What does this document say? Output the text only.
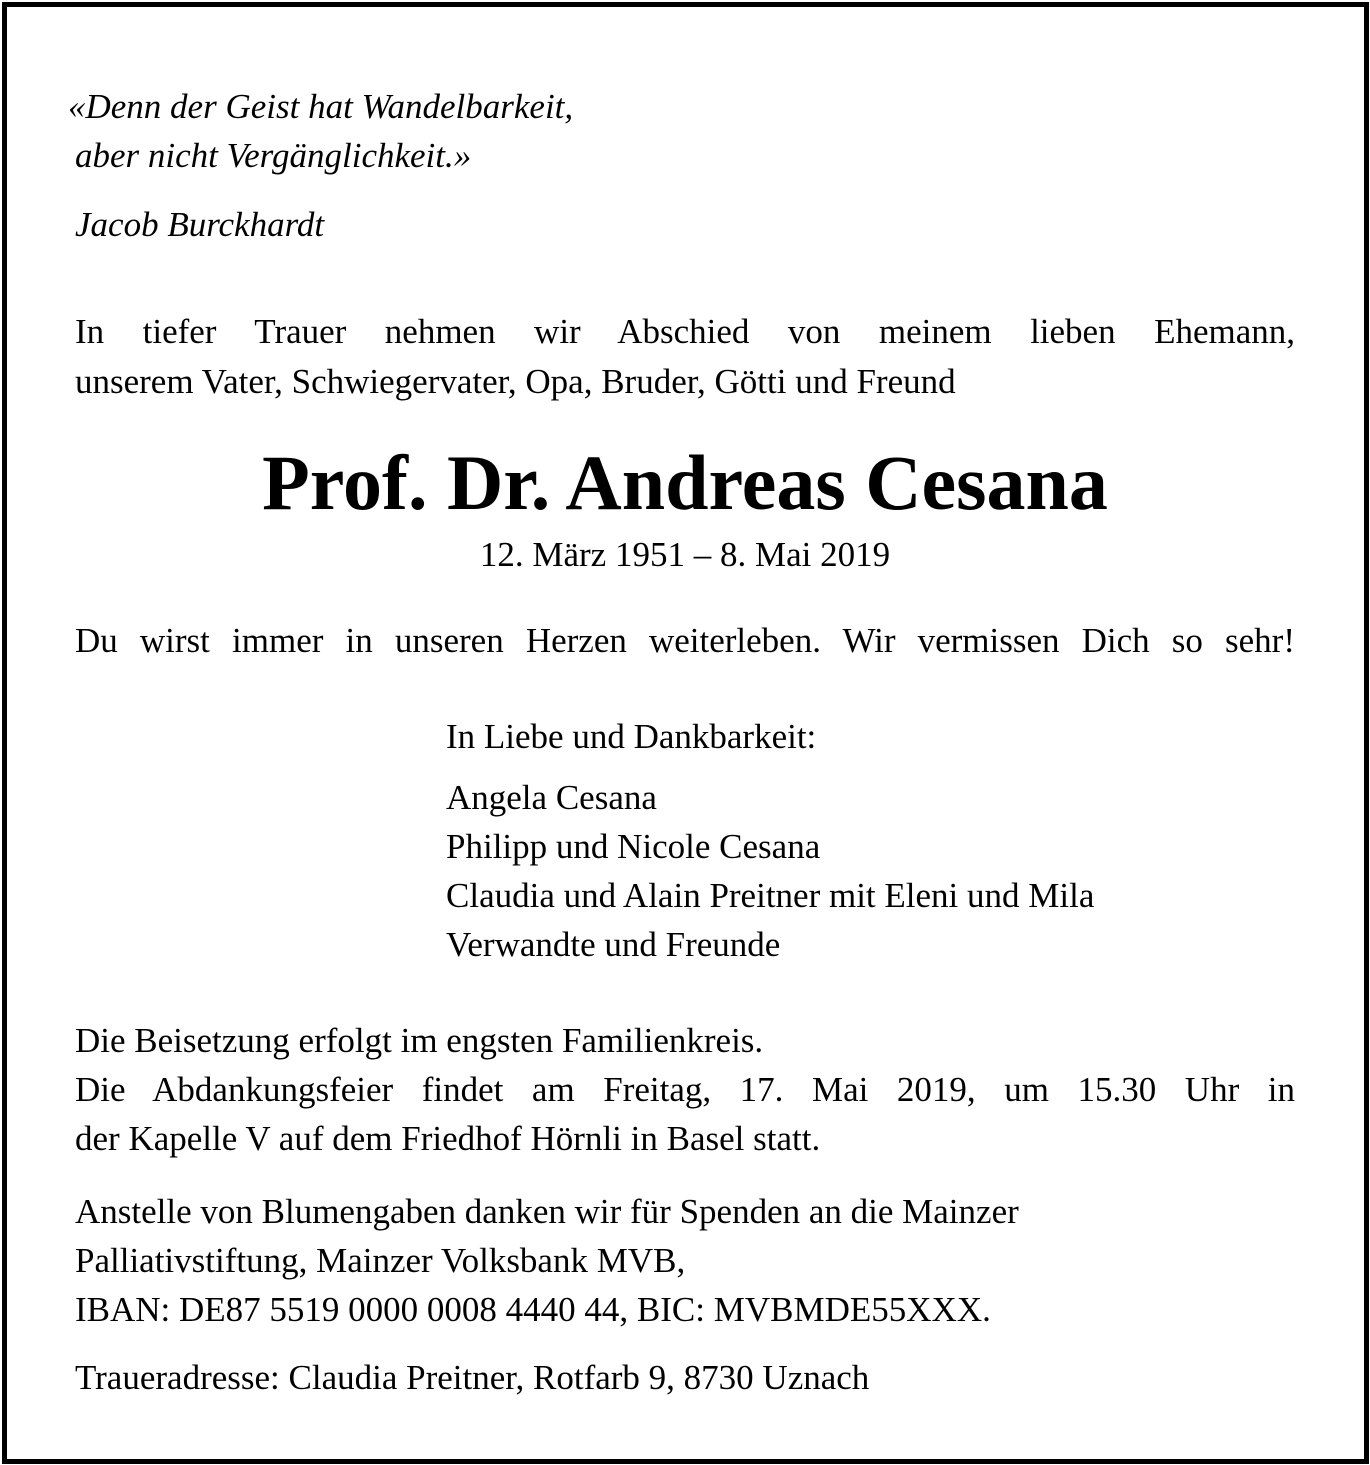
«Denn der Geist hat Wandelbarkeit,
aber nicht Vergänglichkeit.»
Jacob Burckhardt
In tiefer Trauer nehmen wir Abschied von meinem lieben Ehemann,
unserem Vater, Schwiegervater, Opa, Bruder, Götti und Freund
Prof. Dr. Andreas Cesana
12. März 1951 – 8. Mai 2019
Du wirst immer in unseren Herzen weiterleben. Wir vermissen Dich so sehr!
In Liebe und Dankbarkeit:
Angela Cesana
Philipp und Nicole Cesana
Claudia und Alain Preitner mit Eleni und Mila
Verwandte und Freunde
Die Beisetzung erfolgt im engsten Familienkreis.
Die Abdankungsfeier findet am Freitag, 17. Mai 2019, um 15.30 Uhr in
der Kapelle V auf dem Friedhof Hörnli in Basel statt.
Anstelle von Blumengaben danken wir für Spenden an die Mainzer
Palliativstiftung, Mainzer Volksbank MVB,
IBAN: DE87 5519 0000 0008 4440 44, BIC: MVBMDE55XXX.
Traueradresse: Claudia Preitner, Rotfarb 9, 8730 Uznach
